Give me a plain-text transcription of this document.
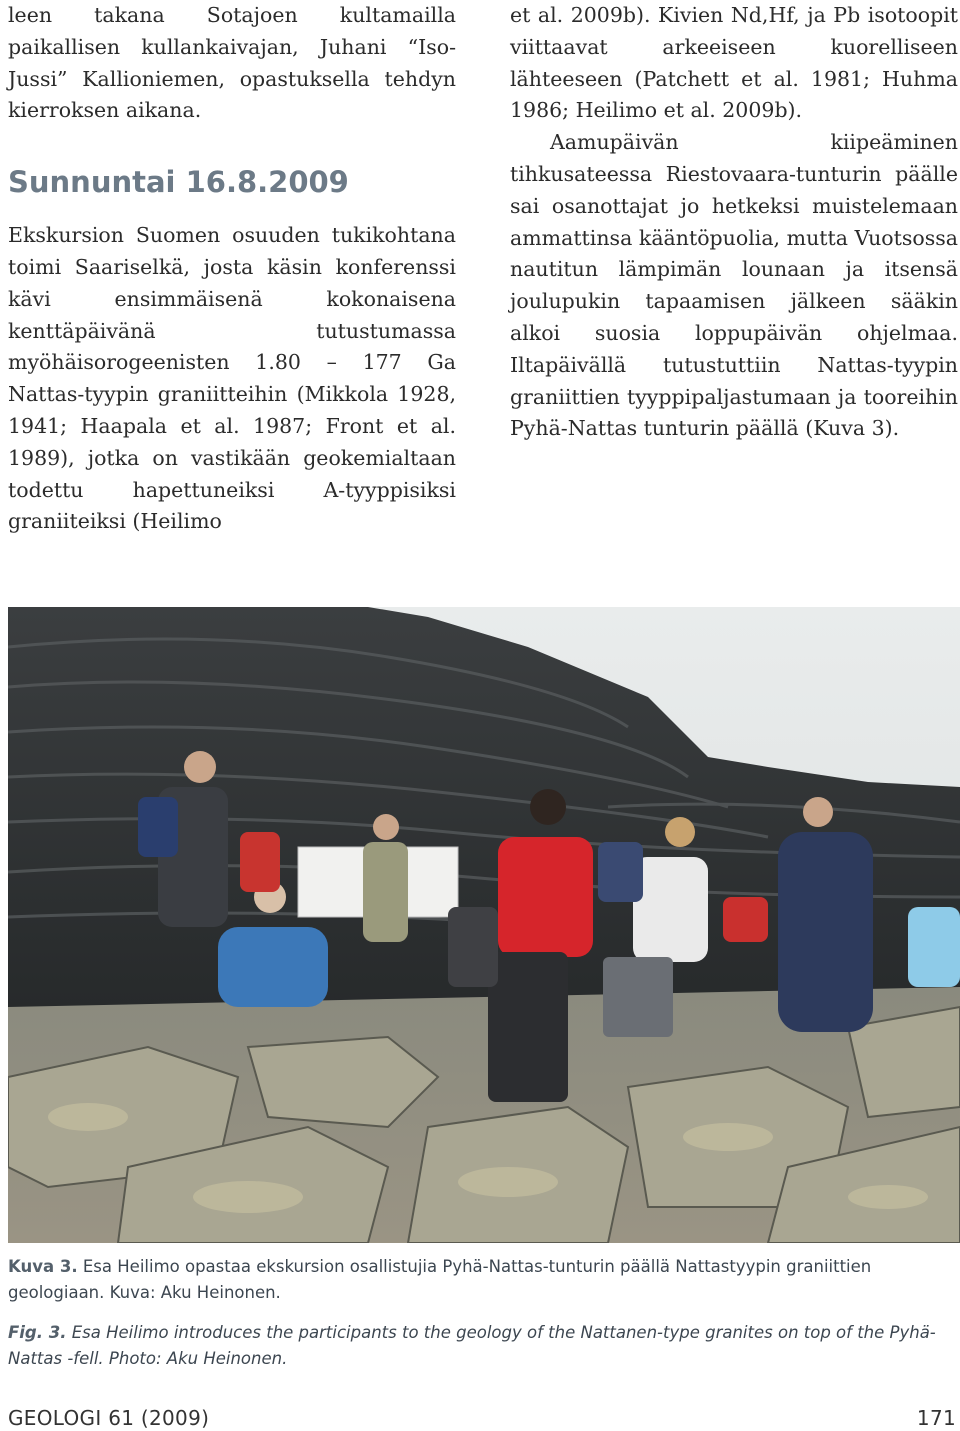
leen takana Sotajoen kultamailla paikallisen kullankaivajan, Juhani “Iso-Jussi” Kallioniemen, opastuksella tehdyn kierroksen aikana.

Sunnuntai 16.8.2009

Ekskursion Suomen osuuden tukikohtana toimi Saariselkä, josta käsin konferenssi kävi ensimmäisenä kokonaisena kenttäpäivänä tutustumassa myöhäisorogeenisten 1.80 – 177 Ga Nattas-tyypin graniitteihin (Mikkola 1928, 1941; Haapala et al. 1987; Front et al. 1989), jotka on vastikään geokemialtaan todettu hapettuneiksi A-tyyppisiksi graniiteiksi (Heilimo

et al. 2009b). Kivien Nd,Hf, ja Pb isotoopit viittaavat arkeeiseen kuorelliseen lähteeseen (Patchett et al. 1981; Huhma 1986; Heilimo et al. 2009b).

Aamupäivän kiipeäminen tihkusateessa Riestovaara-tunturin päälle sai osanottajat jo hetkeksi muistelemaan ammattinsa kääntöpuolia, mutta Vuotsossa nautitun lämpimän lounaan ja itsensä joulupukin tapaamisen jälkeen sääkin alkoi suosia loppupäivän ohjelmaa. Iltapäivällä tutustuttiin Nattas-tyypin graniittien tyyppipaljastumaan ja tooreihin Pyhä-Nattas tunturin päällä (Kuva 3).

Kuva 3. Esa Heilimo opastaa ekskursion osallistujia Pyhä-Nattas-tunturin päällä Nattastyypin graniittien geologiaan. Kuva: Aku Heinonen.
Fig. 3. Esa Heilimo introduces the participants to the geology of the Nattanen-type granites on top of the Pyhä-Nattas -fell. Photo: Aku Heinonen.
GEOLOGI 61 (2009)	171
